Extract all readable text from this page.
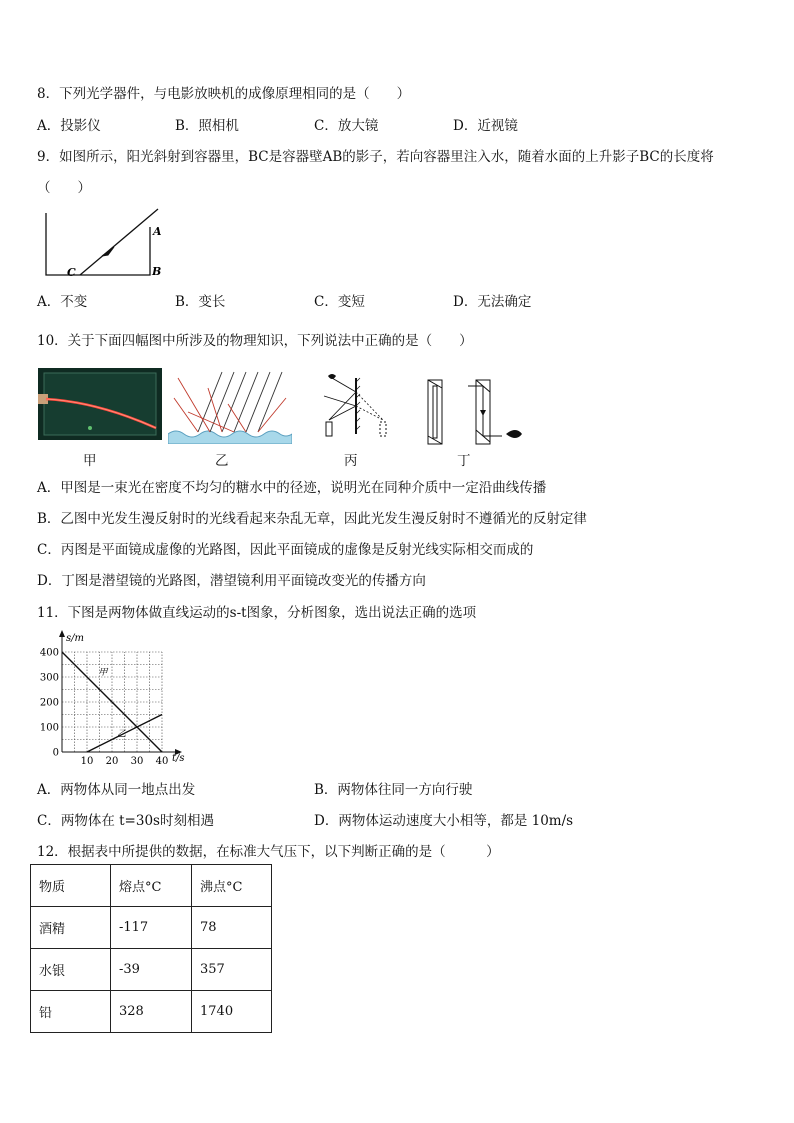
8．下列光学器件，与电影放映机的成像原理相同的是（　　）
A．投影仪	B．照相机	C．放大镜	D．近视镜
9．如图所示，阳光斜射到容器里，BC是容器壁AB的影子，若向容器里注入水，随着水面的上升影子BC的长度将
（　　）
A
B
C
A．不变	B．变长	C．变短	D．无法确定
10．关于下面四幅图中所涉及的物理知识，下列说法中正确的是（　　）
甲	乙	丙	丁
A．甲图是一束光在密度不均匀的糖水中的径迹，说明光在同种介质中一定沿曲线传播
B．乙图中光发生漫反射时的光线看起来杂乱无章，因此光发生漫反射时不遵循光的反射定律
C．丙图是平面镜成虚像的光路图，因此平面镜成的虚像是反射光线实际相交而成的
D．丁图是潜望镜的光路图，潜望镜利用平面镜改变光的传播方向
11．下图是两物体做直线运动的s-t图象，分析图象，选出说法正确的选项
s/m
t/s
0
100
200
300
400
10 20 30 40
甲
乙
A．两物体从同一地点出发	B．两物体往同一方向行驶
C．两物体在 t=30s时刻相遇	D．两物体运动速度大小相等，都是 10m/s
12．根据表中所提供的数据，在标准大气压下，以下判断正确的是（　　　）
物质	熔点°C	沸点°C
酒精	-117	78
水银	-39	357
铅	328	1740
